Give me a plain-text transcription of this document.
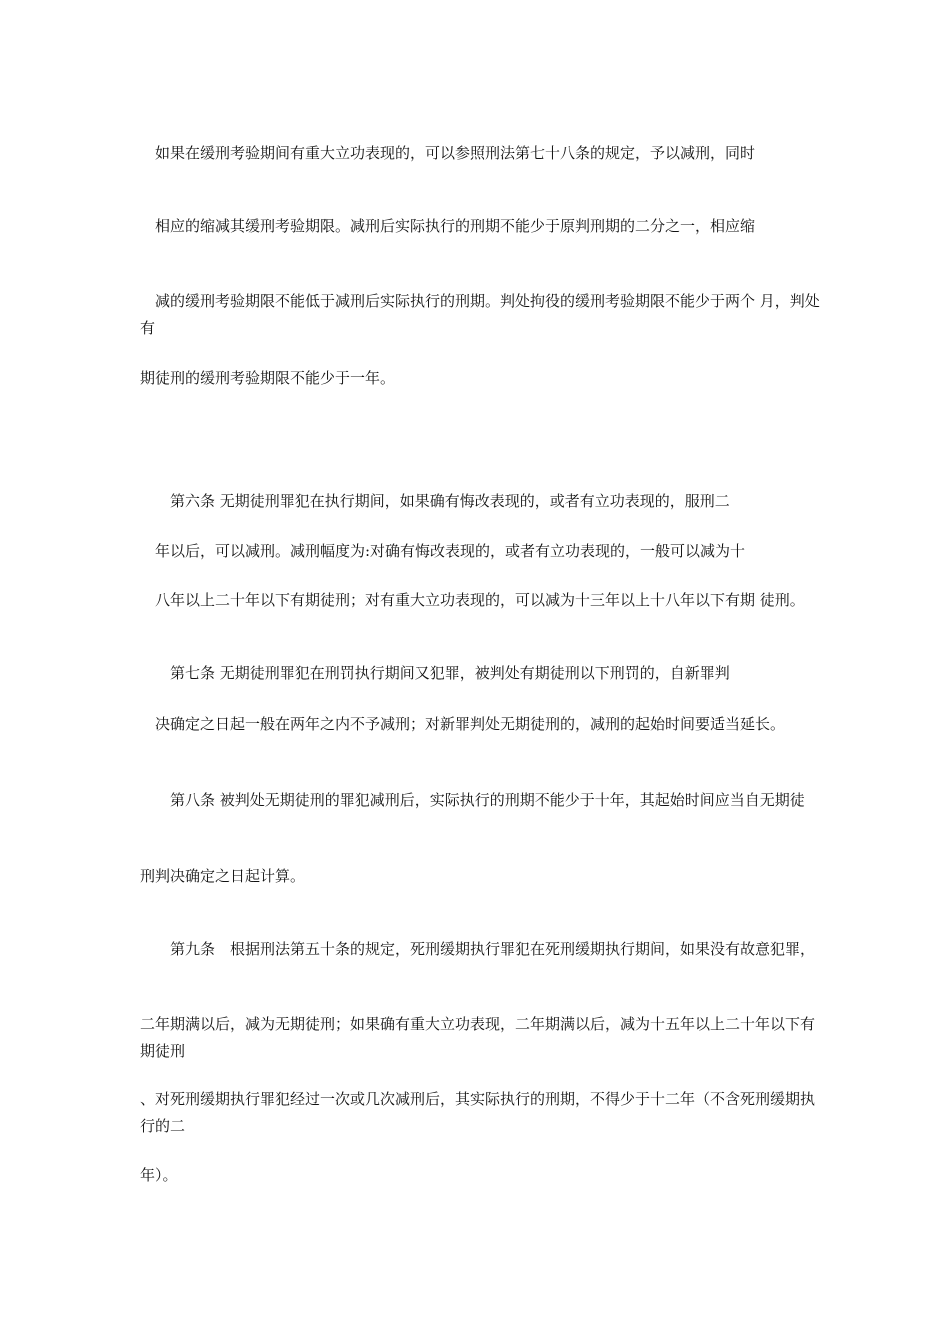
　如果在缓刑考验期间有重大立功表现的，可以参照刑法第七十八条的规定，予以减刑，同时
　相应的缩减其缓刑考验期限。减刑后实际执行的刑期不能少于原判刑期的二分之一，相应缩
　减的缓刑考验期限不能低于减刑后实际执行的刑期。判处拘役的缓刑考验期限不能少于两个 月，判处有
期徒刑的缓刑考验期限不能少于一年。
　　第六条 无期徒刑罪犯在执行期间，如果确有悔改表现的，或者有立功表现的，服刑二
　年以后，可以减刑。减刑幅度为:对确有悔改表现的，或者有立功表现的，一般可以减为十
　八年以上二十年以下有期徒刑；对有重大立功表现的，可以减为十三年以上十八年以下有期 徒刑。
　　第七条 无期徒刑罪犯在刑罚执行期间又犯罪，被判处有期徒刑以下刑罚的，自新罪判
　决确定之日起一般在两年之内不予减刑；对新罪判处无期徒刑的，减刑的起始时间要适当延长。
　　第八条 被判处无期徒刑的罪犯减刑后，实际执行的刑期不能少于十年，其起始时间应当自无期徒
刑判决确定之日起计算。
　　第九条　根据刑法第五十条的规定，死刑缓期执行罪犯在死刑缓期执行期间，如果没有故意犯罪，
二年期满以后，减为无期徒刑；如果确有重大立功表现，二年期满以后，减为十五年以上二十年以下有期徒刑
、对死刑缓期执行罪犯经过一次或几次减刑后，其实际执行的刑期，不得少于十二年（不含死刑缓期执行的二
年）。
